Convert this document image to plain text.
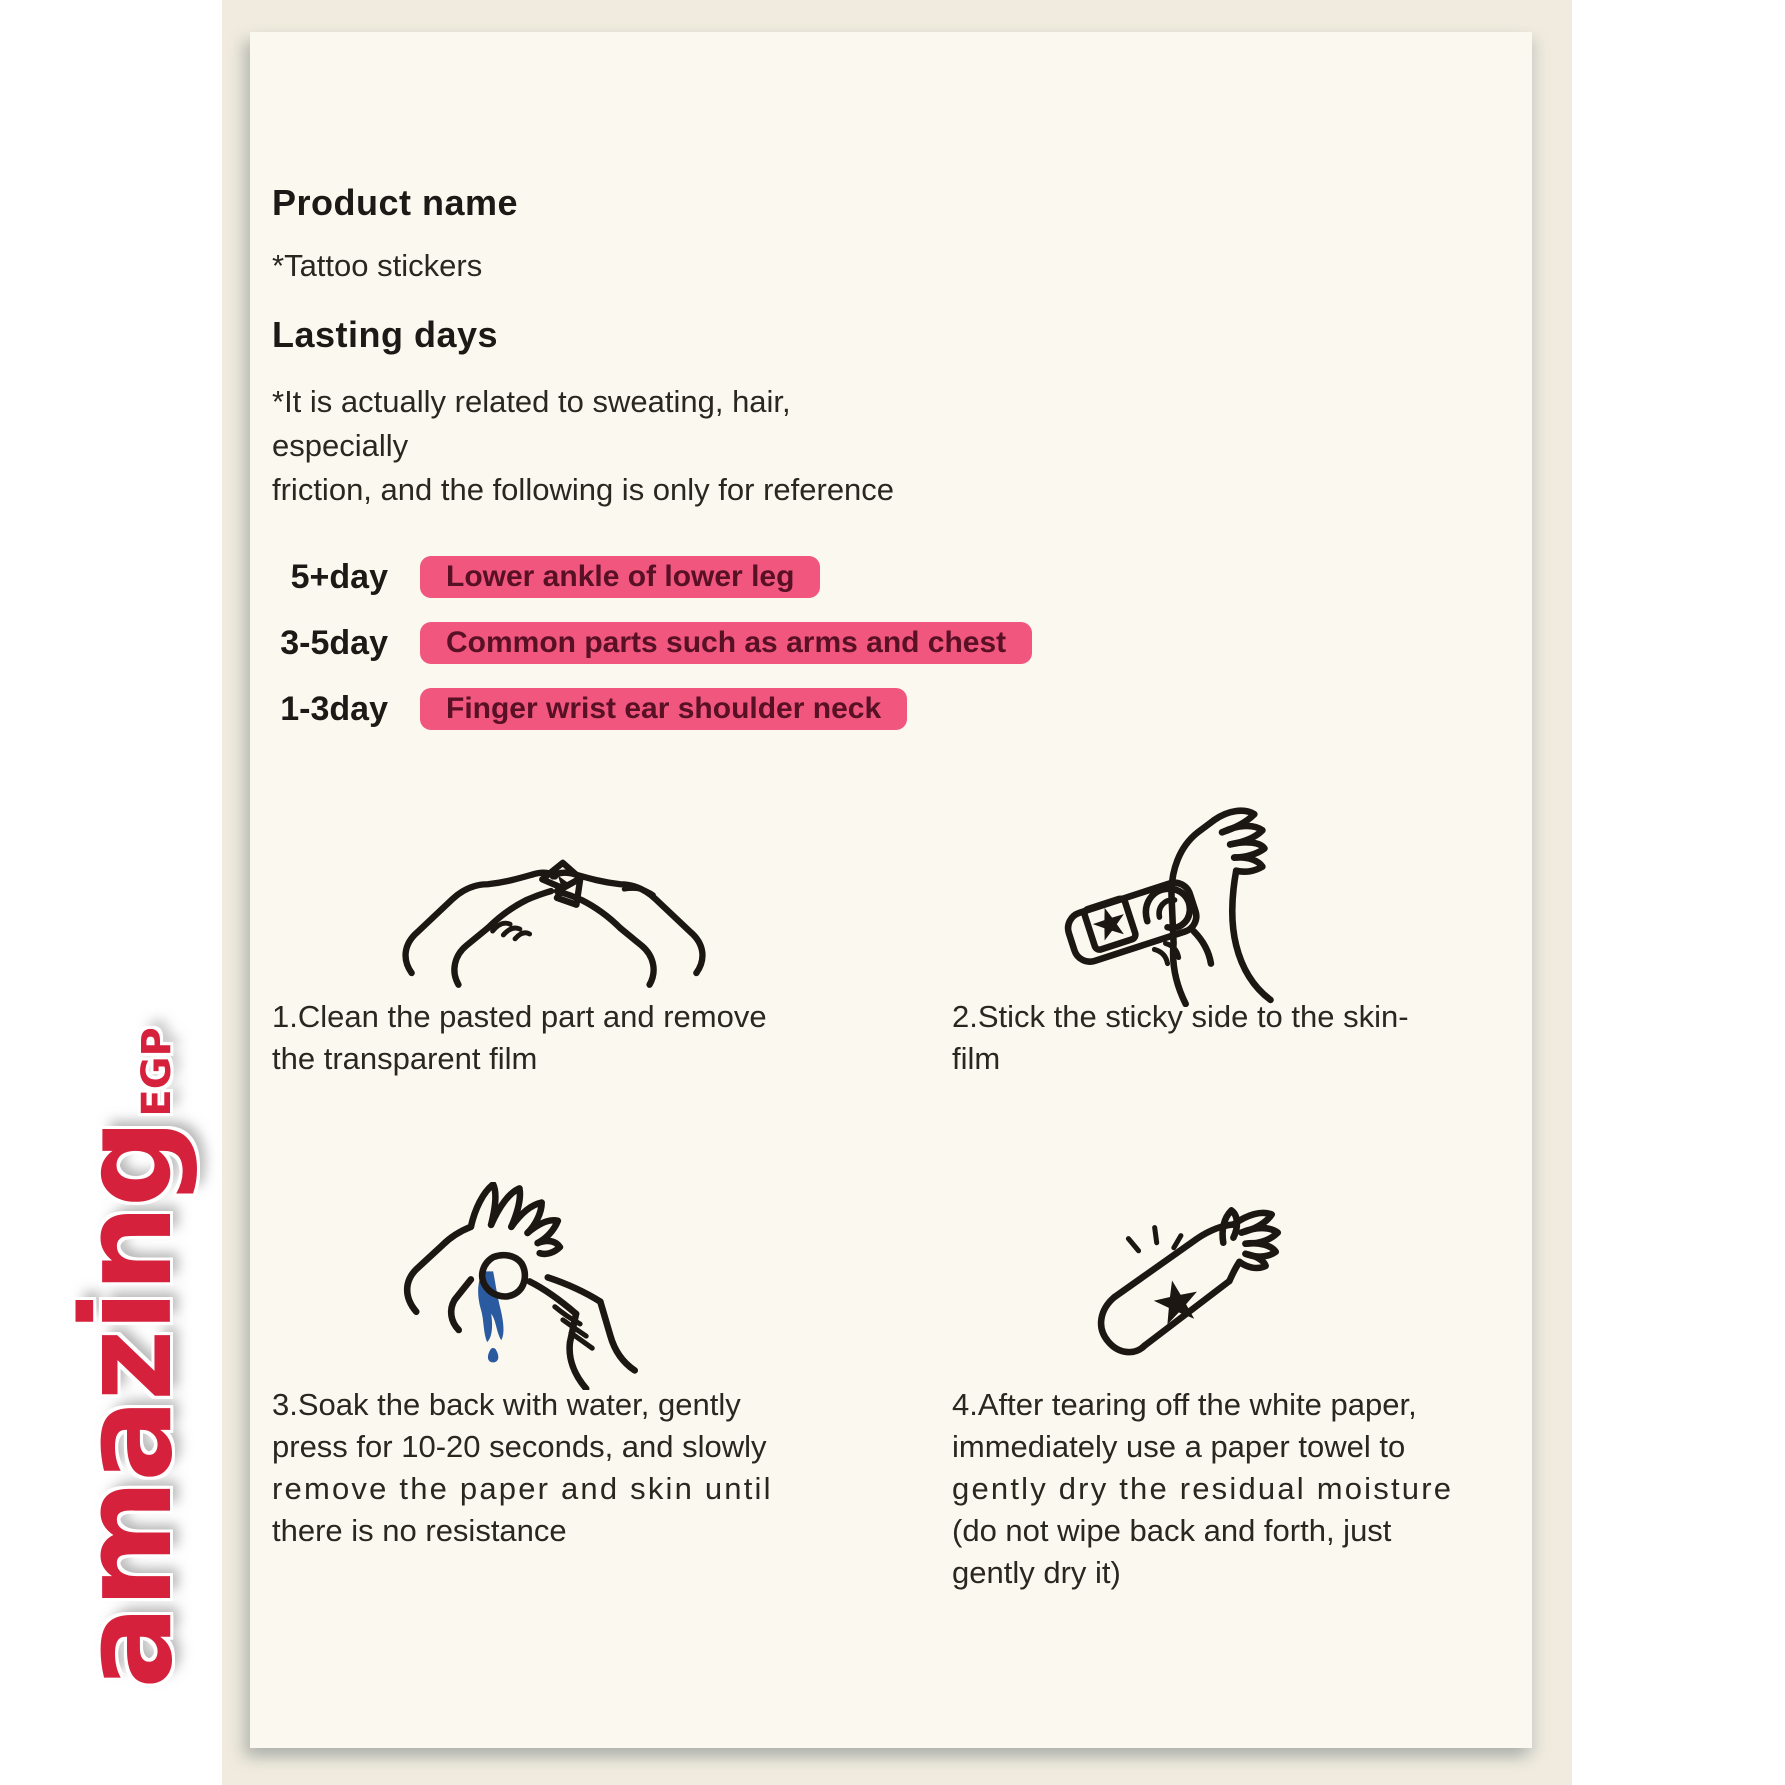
Product name
*Tattoo stickers
Lasting days
*It is actually related to sweating, hair, especially
friction, and the following is only for reference
5+day	Lower ankle of lower leg
3-5day	Common parts such as arms and chest
1-3day	Finger wrist ear shoulder neck
1.Clean the pasted part and remove
the transparent film
2.Stick the sticky side to the skin-
film
3.Soak the back with water, gently
press for 10-20 seconds, and slowly
remove the paper and skin until
there is no resistance
4.After tearing off the white paper,
immediately use a paper towel to
gently dry the residual moisture
(do not wipe back and forth, just
gently dry it)
amazingEGP
